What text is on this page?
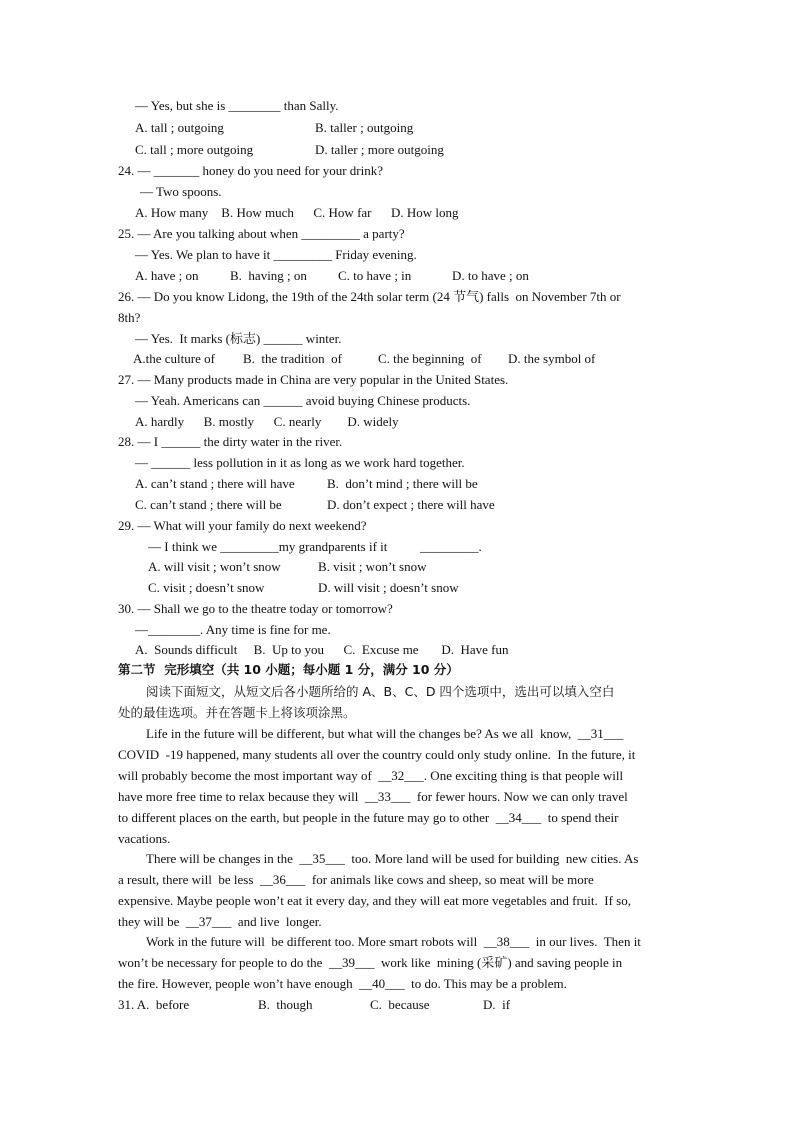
— Yes, but she is ________ than Sally.
A. tall ; outgoing	B. taller ; outgoing
C. tall ; more outgoing	D. taller ; more outgoing
24. — _______ honey do you need for your drink?
— Two spoons.
A. How many    B. How much      C. How far      D. How long
25. — Are you talking about when _________ a party?
— Yes. We plan to have it _________ Friday evening.
A. have ; on B.  having ; on C. to have ; in	D. to have ; on
26. — Do you know Lidong, the 19th of the 24th solar term (24 节气) falls  on November 7th or
8th?
— Yes.  It marks (标志) ______ winter.
A.the culture of B.  the tradition  of	C. the beginning  of D. the symbol of
27. — Many products made in China are very popular in the United States.
— Yeah. Americans can ______ avoid buying Chinese products.
A. hardly      B. mostly      C. nearly        D. widely
28. — I ______ the dirty water in the river.
— ______ less pollution in it as long as we work hard together.
A. can’t stand ; there will have B.  don’t mind ; there will be
C. can’t stand ; there will be	D. don’t expect ; there will have
29. — What will your family do next weekend?
— I think we _________my grandparents if it	_________.
A. will visit ; won’t snow	B. visit ; won’t snow
C. visit ; doesn’t snow	D. will visit ; doesn’t snow
30. — Shall we go to the theatre today or tomorrow?
—________. Any time is fine for me.
A.  Sounds difficult     B.  Up to you      C.  Excuse me       D.  Have fun
第二节  完形填空（共 10 小题；每小题 1 分，满分 10 分）
阅读下面短文，从短文后各小题所给的 A、B、C、D 四个选项中，选出可以填入空白
处的最佳选项。并在答题卡上将该项涂黑。
Life in the future will be different, but what will the changes be? As we all  know,  __31___
COVID  -19 happened, many students all over the country could only study online.  In the future, it
will probably become the most important way of  __32___. One exciting thing is that people will
have more free time to relax because they will  __33___  for fewer hours. Now we can only travel
to different places on the earth, but people in the future may go to other  __34___  to spend their
vacations.
There will be changes in the  __35___  too. More land will be used for building  new cities. As
a result, there will  be less  __36___  for animals like cows and sheep, so meat will be more
expensive. Maybe people won’t eat it every day, and they will eat more vegetables and fruit.  If so,
they will be  __37___  and live  longer.
Work in the future will  be different too. More smart robots will  __38___  in our lives.  Then it
won’t be necessary for people to do the  __39___  work like  mining (采矿) and saving people in
the fire. However, people won’t have enough  __40___  to do. This may be a problem.
31. A.  before	B.  though	C.  because	D.  if
